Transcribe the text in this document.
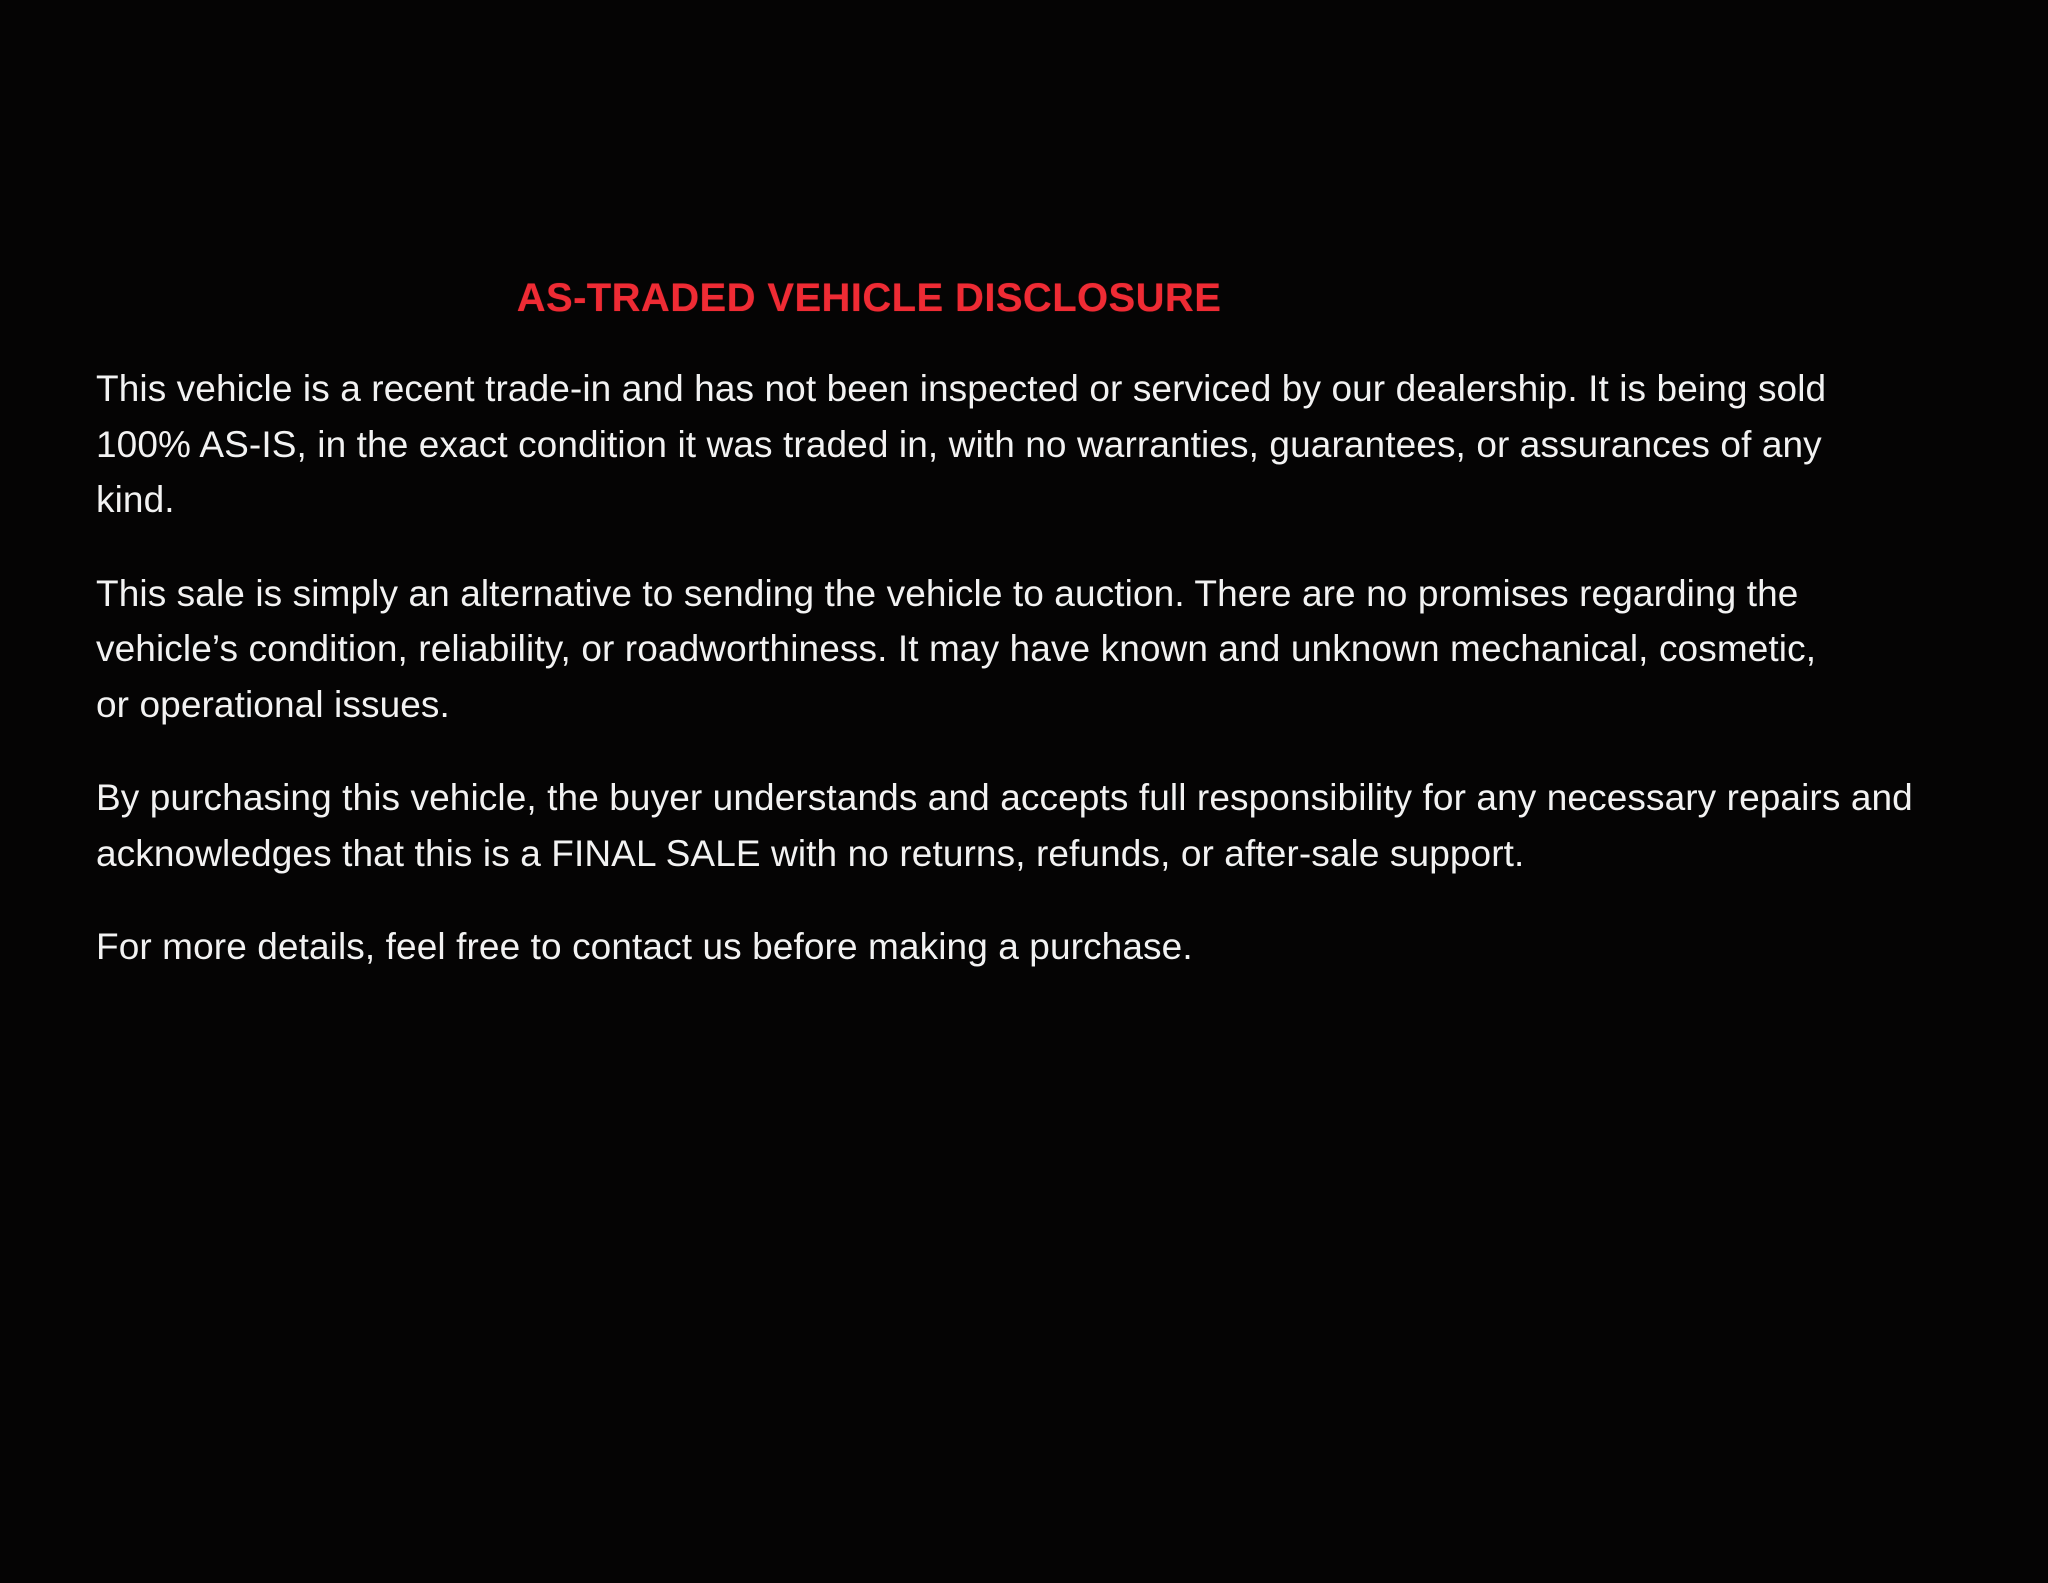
AS-TRADED VEHICLE DISCLOSURE

This vehicle is a recent trade-in and has not been inspected or serviced by our dealership. It is being sold 100% AS-IS, in the exact condition it was traded in, with no warranties, guarantees, or assurances of any kind.

This sale is simply an alternative to sending the vehicle to auction. There are no promises regarding the vehicle’s condition, reliability, or roadworthiness. It may have known and unknown mechanical, cosmetic, or operational issues.

By purchasing this vehicle, the buyer understands and accepts full responsibility for any necessary repairs and acknowledges that this is a FINAL SALE with no returns, refunds, or after-sale support.

For more details, feel free to contact us before making a purchase.
